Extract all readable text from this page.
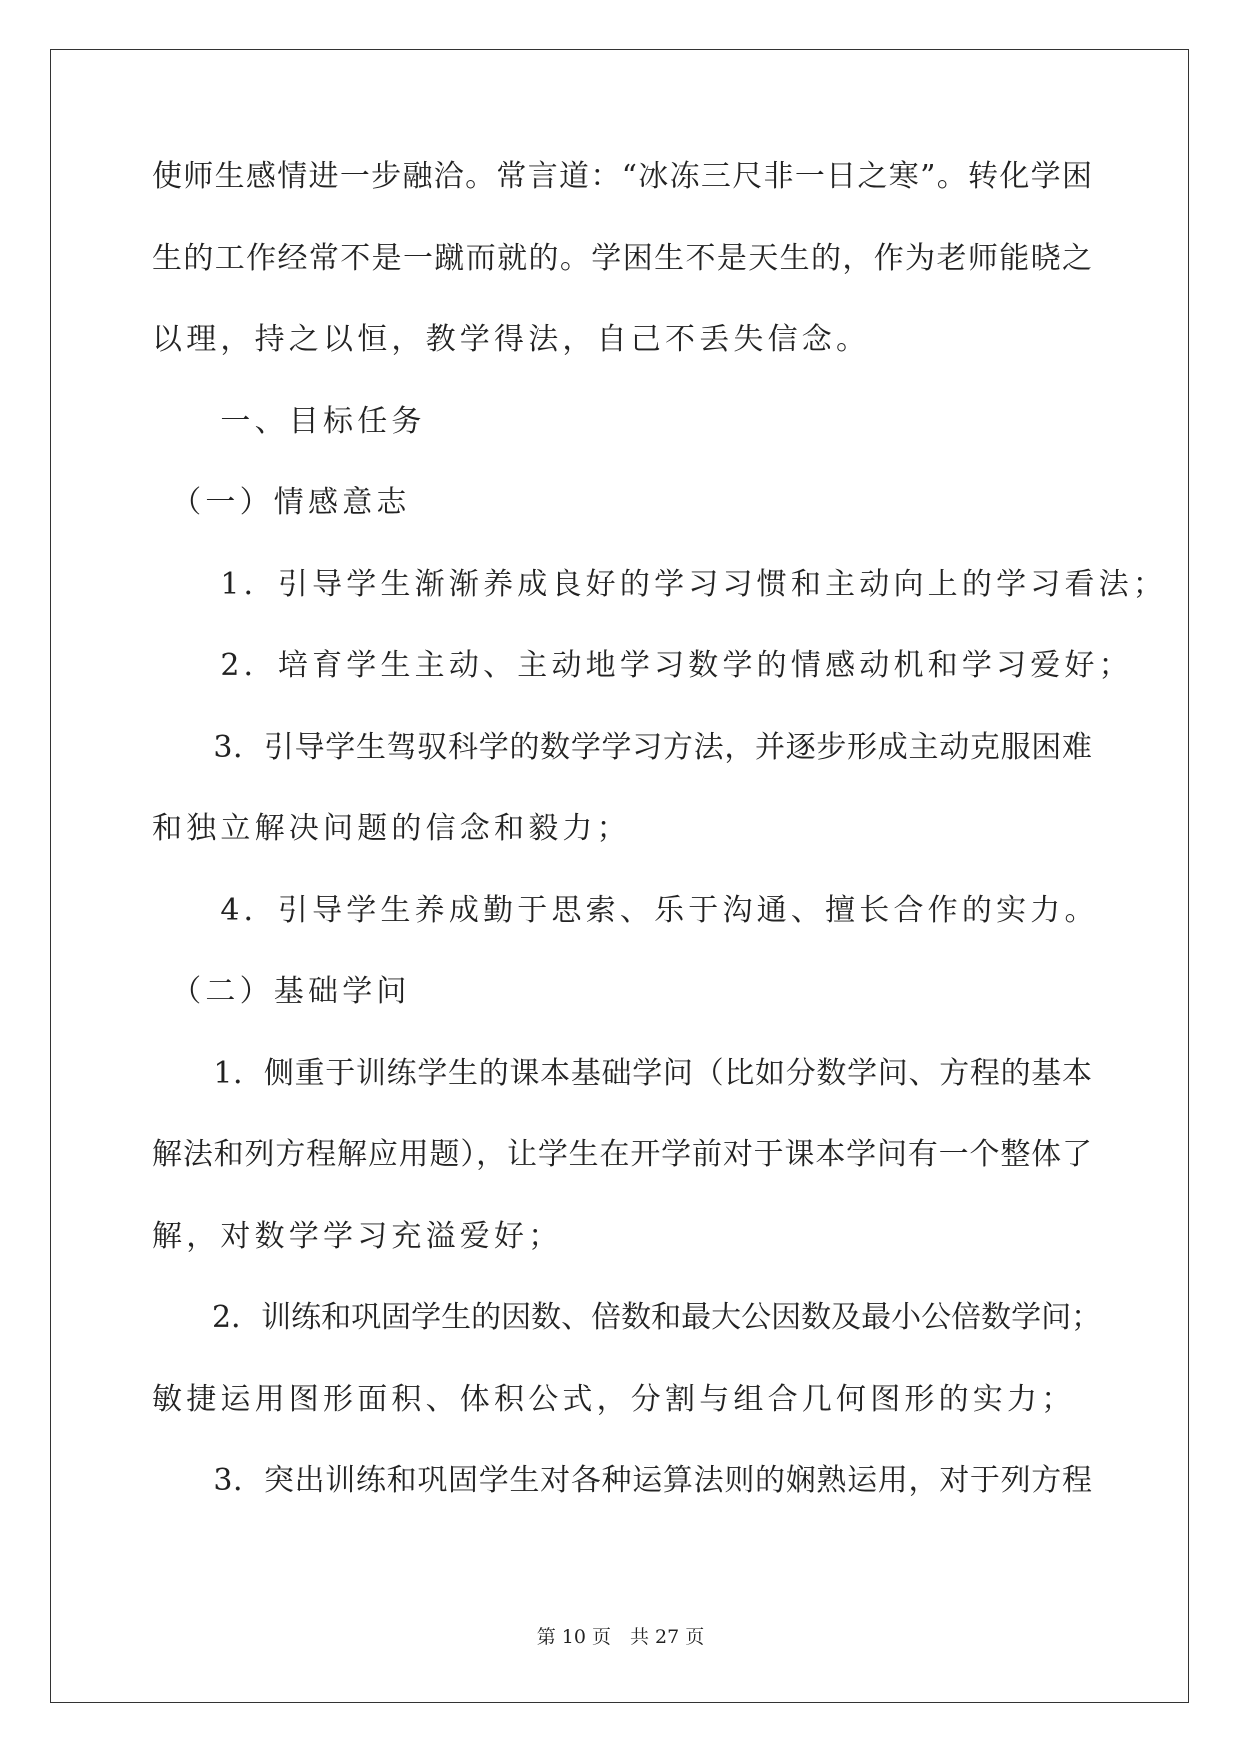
使师生感情进一步融洽。常言道：“冰冻三尺非一日之寒”。转化学困
生的工作经常不是一蹴而就的。学困生不是天生的，作为老师能晓之
以理，持之以恒，教学得法，自己不丢失信念。
　　一、目标任务
　（一）情感意志
　　1．引导学生渐渐养成良好的学习习惯和主动向上的学习看法；
　　2．培育学生主动、主动地学习数学的情感动机和学习爱好；
　　3．引导学生驾驭科学的数学学习方法，并逐步形成主动克服困难
和独立解决问题的信念和毅力；
　　4．引导学生养成勤于思索、乐于沟通、擅长合作的实力。
　（二）基础学问
　　1．侧重于训练学生的课本基础学问（比如分数学问、方程的基本
解法和列方程解应用题），让学生在开学前对于课本学问有一个整体了
解，对数学学习充溢爱好；
　　2．训练和巩固学生的因数、倍数和最大公因数及最小公倍数学问；
敏捷运用图形面积、体积公式，分割与组合几何图形的实力；
　　3．突出训练和巩固学生对各种运算法则的娴熟运用，对于列方程
第 10 页　共 27 页
